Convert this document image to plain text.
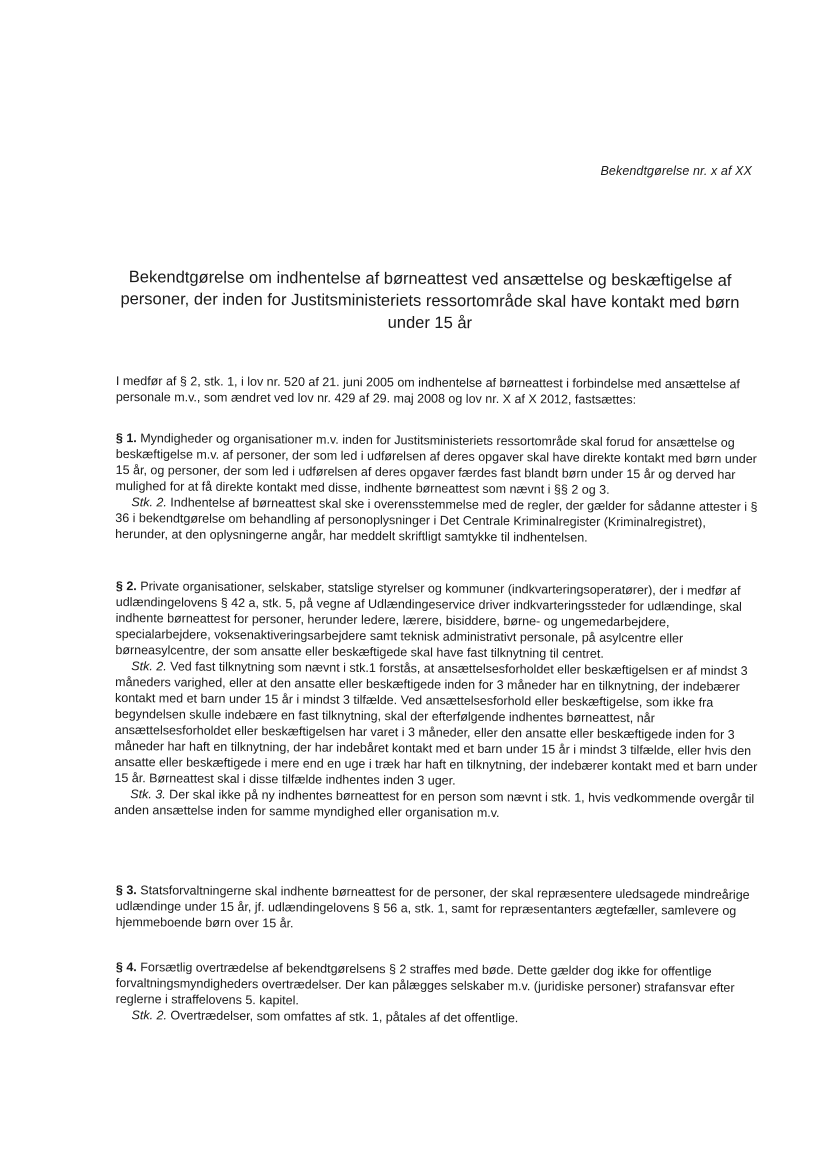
Bekendtgørelse nr. x af XX
Bekendtgørelse om indhentelse af børneattest ved ansættelse og beskæftigelse af personer, der inden for Justitsministeriets ressortområde skal have kontakt med børn under 15 år
I medfør af § 2, stk. 1, i lov nr. 520 af 21. juni 2005 om indhentelse af børneattest i forbindelse med ansættelse af personale m.v., som ændret ved lov nr. 429 af 29. maj 2008 og lov nr. X af X 2012, fastsættes:

§ 1. Myndigheder og organisationer m.v. inden for Justitsministeriets ressortområde skal forud for ansættelse og beskæftigelse m.v. af personer, der som led i udførelsen af deres opgaver skal have direkte kontakt med børn under 15 år, og personer, der som led i udførelsen af deres opgaver færdes fast blandt børn under 15 år og derved har mulighed for at få direkte kontakt med disse, indhente børneattest som nævnt i §§ 2 og 3.

Stk. 2. Indhentelse af børneattest skal ske i overensstemmelse med de regler, der gælder for sådanne attester i § 36 i bekendtgørelse om behandling af personoplysninger i Det Centrale Kriminalregister (Kriminalregistret), herunder, at den oplysningerne angår, har meddelt skriftligt samtykke til indhentelsen.

§ 2. Private organisationer, selskaber, statslige styrelser og kommuner (indkvarteringsoperatører), der i medfør af udlændingelovens § 42 a, stk. 5, på vegne af Udlændingeservice driver indkvarteringssteder for udlændinge, skal indhente børneattest for personer, herunder ledere, lærere, bisiddere, børne- og ungemedarbejdere, specialarbejdere, voksenaktiveringsarbejdere samt teknisk administrativt personale, på asylcentre eller børneasylcentre, der som ansatte eller beskæftigede skal have fast tilknytning til centret.

Stk. 2. Ved fast tilknytning som nævnt i stk.1 forstås, at ansættelsesforholdet eller beskæftigelsen er af mindst 3 måneders varighed, eller at den ansatte eller beskæftigede inden for 3 måneder har en tilknytning, der indebærer kontakt med et barn under 15 år i mindst 3 tilfælde. Ved ansættelsesforhold eller beskæftigelse, som ikke fra begyndelsen skulle indebære en fast tilknytning, skal der efterfølgende indhentes børneattest, når ansættelsesforholdet eller beskæftigelsen har varet i 3 måneder, eller den ansatte eller beskæftigede inden for 3 måneder har haft en tilknytning, der har indebåret kontakt med et barn under 15 år i mindst 3 tilfælde, eller hvis den ansatte eller beskæftigede i mere end en uge i træk har haft en tilknytning, der indebærer kontakt med et barn under 15 år. Børneattest skal i disse tilfælde indhentes inden 3 uger.

Stk. 3. Der skal ikke på ny indhentes børneattest for en person som nævnt i stk. 1, hvis vedkommende overgår til anden ansættelse inden for samme myndighed eller organisation m.v.

§ 3. Statsforvaltningerne skal indhente børneattest for de personer, der skal repræsentere uledsagede mindreårige udlændinge under 15 år, jf. udlændingelovens § 56 a, stk. 1, samt for repræsentanters ægtefæller, samlevere og hjemmeboende børn over 15 år.

§ 4. Forsætlig overtrædelse af bekendtgørelsens § 2 straffes med bøde. Dette gælder dog ikke for offentlige forvaltningsmyndigheders overtrædelser. Der kan pålægges selskaber m.v. (juridiske personer) strafansvar efter reglerne i straffelovens 5. kapitel.

Stk. 2. Overtrædelser, som omfattes af stk. 1, påtales af det offentlige.
